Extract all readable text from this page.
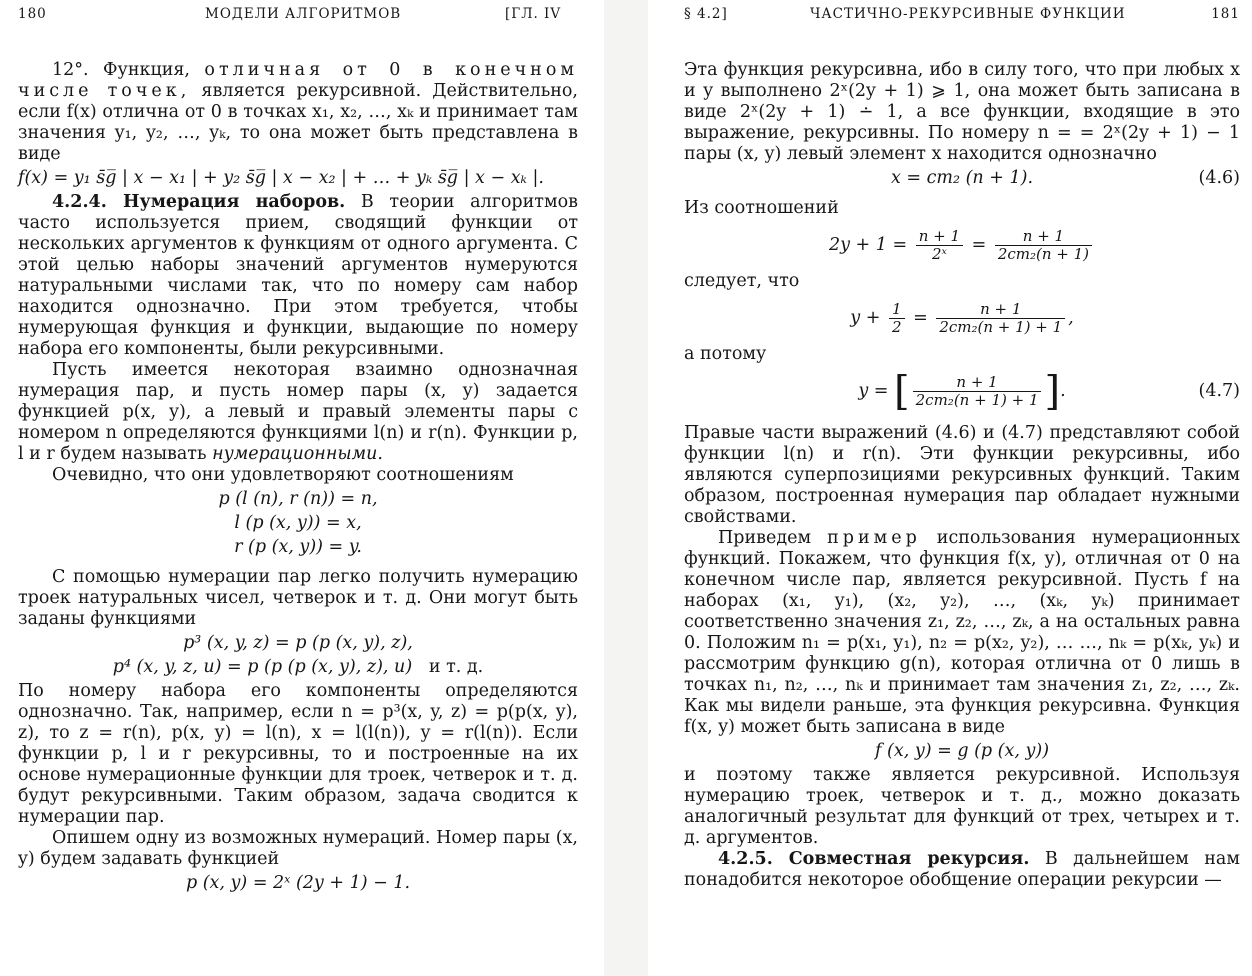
180	МОДЕЛИ АЛГОРИТМОВ	[ГЛ. IV

12°. Функция, отличная от 0 в конечном числе точек, является рекурсивной. Действительно, если f(x) отлична от 0 в точках x₁, x₂, …, xₖ и принимает там значения y₁, y₂, …, yₖ, то она может быть представлена в виде

f(x) = y₁ s̄g̅ | x − x₁ | + y₂ s̄g̅ | x − x₂ | + … + yₖ s̄g̅ | x − xₖ |.

4.2.4. Нумерация наборов. В теории алгоритмов часто используется прием, сводящий функции от нескольких аргументов к функциям от одного аргумента. С этой целью наборы значений аргументов нумеруются натуральными числами так, что по номеру сам набор находится однозначно. При этом требуется, чтобы нумерующая функция и функции, выдающие по номеру набора его компоненты, были рекурсивными.

Пусть имеется некоторая взаимно однозначная нумерация пар, и пусть номер пары (x, y) задается функцией p(x, y), а левый и правый элементы пары с номером n определяются функциями l(n) и r(n). Функции p, l и r будем называть нумерационными.

Очевидно, что они удовлетворяют соотношениям

p (l (n), r (n)) = n,

l (p (x, y)) = x,

r (p (x, y)) = y.

С помощью нумерации пар легко получить нумерацию троек натуральных чисел, четверок и т. д. Они могут быть заданы функциями

p³ (x, y, z) = p (p (x, y), z),

p⁴ (x, y, z, u) = p (p (p (x, y), z), u) и т. д.

По номеру набора его компоненты определяются однозначно. Так, например, если n = p³(x, y, z) = p(p(x, y), z), то z = r(n), p(x, y) = l(n), x = l(l(n)), y = r(l(n)). Если функции p, l и r рекурсивны, то и построенные на их основе нумерационные функции для троек, четверок и т. д. будут рекурсивными. Таким образом, задача сводится к нумерации пар.

Опишем одну из возможных нумераций. Номер пары (x, y) будем задавать функцией

p (x, y) = 2ˣ (2y + 1) − 1.

§ 4.2]	ЧАСТИЧНО-РЕКУРСИВНЫЕ ФУНКЦИИ	181

Эта функция рекурсивна, ибо в силу того, что при любых x и y выполнено 2ˣ(2y + 1) ⩾ 1, она может быть записана в виде 2ˣ(2y + 1) ∸ 1, а все функции, входящие в это выражение, рекурсивны. По номеру n = = 2ˣ(2y + 1) − 1 пары (x, y) левый элемент x находится однозначно

x = ст₂ (n + 1).	(4.6)

Из соотношений

$2y + 1 = \frac{n + 1}{\text{2ˣ}} = \frac{n + 1}{\text{2ст₂(n + 1)}}$

следует, что

$y + \frac{1}{2} = \frac{n + 1}{\text{2ст₂(n + 1) + 1}}$ ,

а потому

y = [ $\frac{n + 1}{\text{2ст₂(n + 1) + 1}}$ ].	(4.7)

Правые части выражений (4.6) и (4.7) представляют собой функции l(n) и r(n). Эти функции рекурсивны, ибо являются суперпозициями рекурсивных функций. Таким образом, построенная нумерация пар обладает нужными свойствами.

Приведем пример использования нумерационных функций. Покажем, что функция f(x, y), отличная от 0 на конечном числе пар, является рекурсивной. Пусть f на наборах (x₁, y₁), (x₂, y₂), …, (xₖ, yₖ) принимает соответственно значения z₁, z₂, …, zₖ, а на остальных равна 0. Положим n₁ = p(x₁, y₁), n₂ = p(x₂, y₂), … …, nₖ = p(xₖ, yₖ) и рассмотрим функцию g(n), которая отлична от 0 лишь в точках n₁, n₂, …, nₖ и принимает там значения z₁, z₂, …, zₖ. Как мы видели раньше, эта функция рекурсивна. Функция f(x, y) может быть записана в виде

f (x, y) = g (p (x, y))

и поэтому также является рекурсивной. Используя нумерацию троек, четверок и т. д., можно доказать аналогичный результат для функций от трех, четырех и т. д. аргументов.

4.2.5. Совместная рекурсия. В дальнейшем нам понадобится некоторое обобщение операции рекурсии —
